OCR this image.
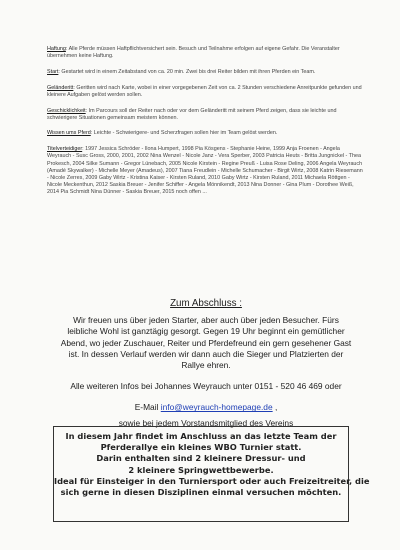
Haftung: Alle Pferde müssen Haftpflichtversichert sein. Besuch und Teilnahme erfolgen auf eigene Gefahr. Die Veranstalter übernehmen keine Haftung.

Start: Gestartet wird in einem Zeitabstand von ca. 20 min. Zwei bis drei Reiter bilden mit ihren Pferden ein Team.

Geländeritt: Geritten wird nach Karte, wobei in einer vorgegebenen Zeit von ca. 2 Stunden verschiedene Anreitpunkte gefunden und kleinere Aufgaben gelöst werden sollen.

Geschicklichkeit: Im Parcours soll der Reiter nach oder vor dem Geländeritt mit seinem Pferd zeigen, dass sie leichte und schwierigere Situationen gemeinsam meistern können.

Wissen ums Pferd: Leichte - Schwierigere- und Scherzfragen sollen hier im Team gelöst werden.

Titelverteidiger: 1997 Jessica Schröder - Ilona Humpert, 1998 Pia Kösgens - Stephanie Heine, 1999 Anja Froenen - Angela Weyrauch - Susc Gross, 2000, 2001, 2002 Nina Wenzel - Nicole Janz - Vera Sperber, 2003 Patricia Heuts - Britta Jungnickel - Thea Prokesch, 2004 Silke Sumann - Gregor Lünebach, 2005 Nicole Kirstein - Regine Preuß - Luisa Rose Deling, 2006 Angela Weyrauch (Amadé Skywalker) - Michelle Meyer (Amadeus), 2007 Tiana Freudlein - Michelle Schumacher - Birgit Wirtz, 2008 Katrin Riesemann - Nicole Zerres, 2009 Gaby Wirtz - Kristina Kaiser - Kirsten Ruland, 2010 Gaby Wirtz - Kirsten Ruland, 2011 Michaela Röttgen - Nicole Meckenthun, 2012 Saskia Breuer - Jenifer Schiffer - Angela Mönnikendt, 2013 Nina Donner - Gina Plum - Dorothee Weiß, 2014 Pia Schmidt Nina Dünner - Saskia Breuer, 2015 noch offen ...

Zum Abschluss :

Wir freuen uns über jeden Starter, aber auch über jeden Besucher. Fürs

leibliche Wohl ist ganztägig gesorgt. Gegen 19 Uhr beginnt ein gemütlicher

Abend, wo jeder Zuschauer, Reiter und Pferdefreund ein gern gesehener Gast

ist. In dessen Verlauf werden wir dann auch die Sieger und Platzierten der

Rallye ehren.

Alle weiteren Infos bei Johannes Weyrauch unter 0151 - 520 46 469 oder

E-Mail info@weyrauch-homepage.de ,

sowie bei jedem Vorstandsmitglied des Vereins

In diesem Jahr findet im Anschluss an das letzte Team der
Pferderallye ein kleines WBO Turnier statt.
Darin enthalten sind 2 kleinere Dressur- und
2 kleinere Springwettbewerbe.
Ideal für Einsteiger in den Turniersport oder auch Freizeitreiter, die
sich gerne in diesen Disziplinen einmal versuchen möchten.
